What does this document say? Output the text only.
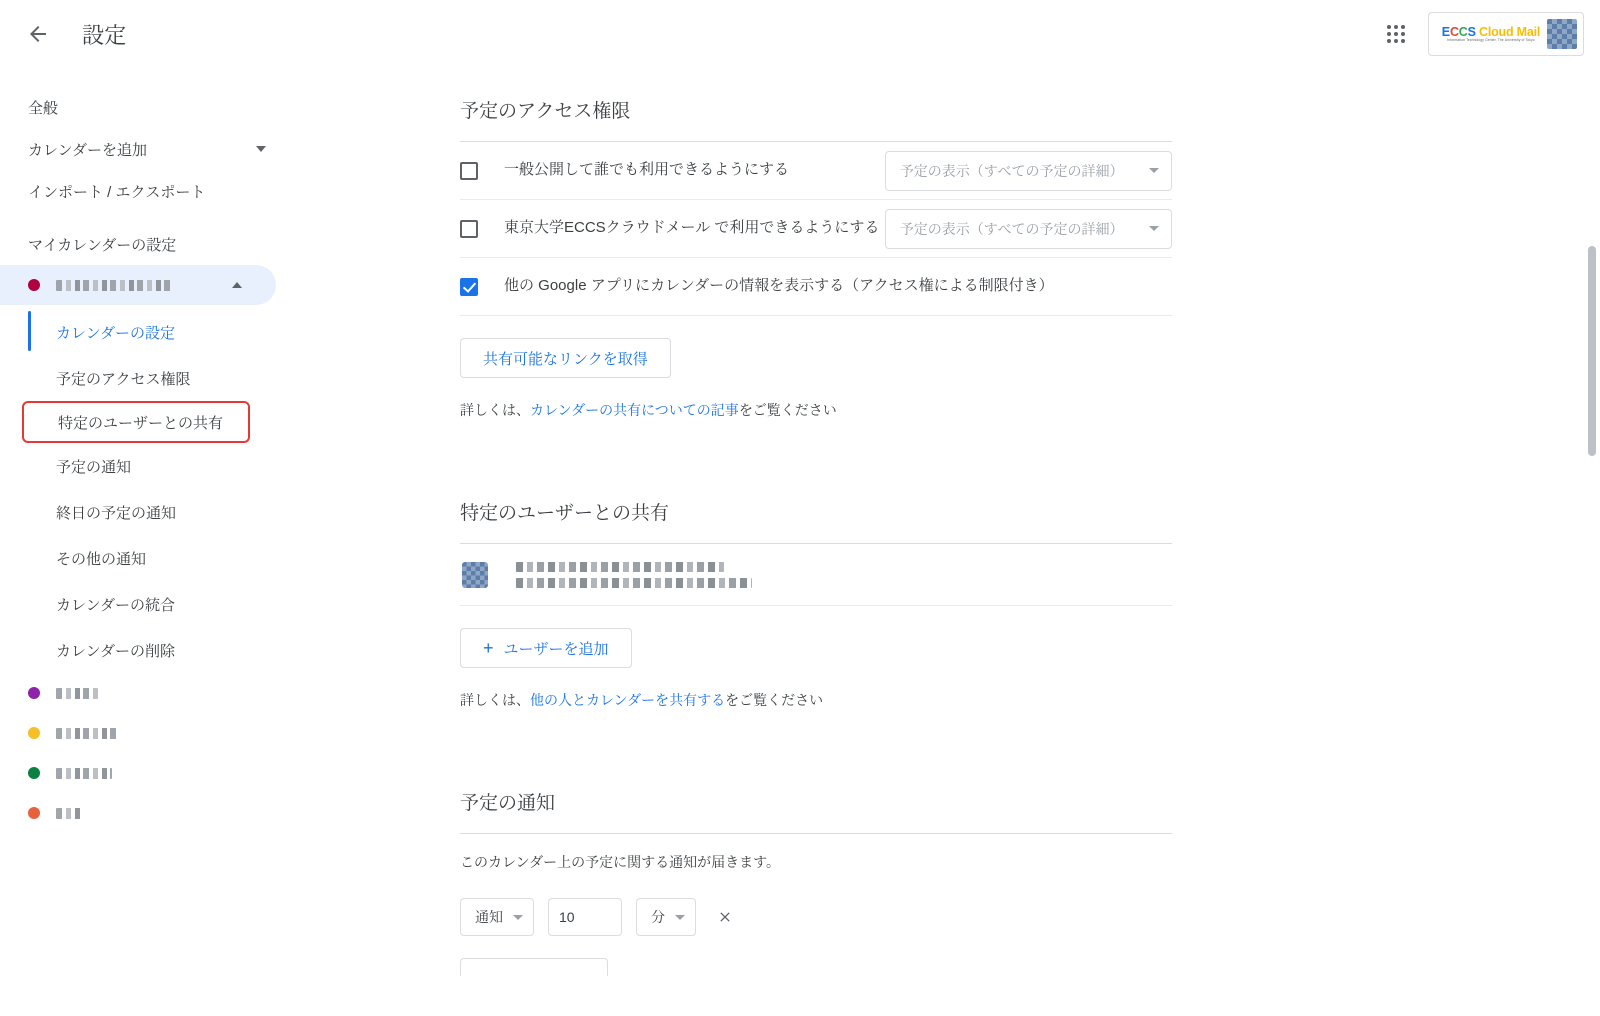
設定	ECCS Cloud Mail
Information Technology Center, The University of Tokyo
全般
カレンダーを追加
インポート / エクスポート
マイカレンダーの設定
カレンダーの設定
予定のアクセス権限
特定のユーザーとの共有
予定の通知
終日の予定の通知
その他の通知
カレンダーの統合
カレンダーの削除
予定のアクセス権限
一般公開して誰でも利用できるようにする	予定の表示（すべての予定の詳細）
東京大学ECCSクラウドメール で利用できるようにする	予定の表示（すべての予定の詳細）
他の Google アプリにカレンダーの情報を表示する（アクセス権による制限付き）
共有可能なリンクを取得
詳しくは、カレンダーの共有についての記事をご覧ください
特定のユーザーとの共有
+ ユーザーを追加
詳しくは、他の人とカレンダーを共有するをご覧ください
予定の通知
このカレンダー上の予定に関する通知が届きます。
通知
10	分
